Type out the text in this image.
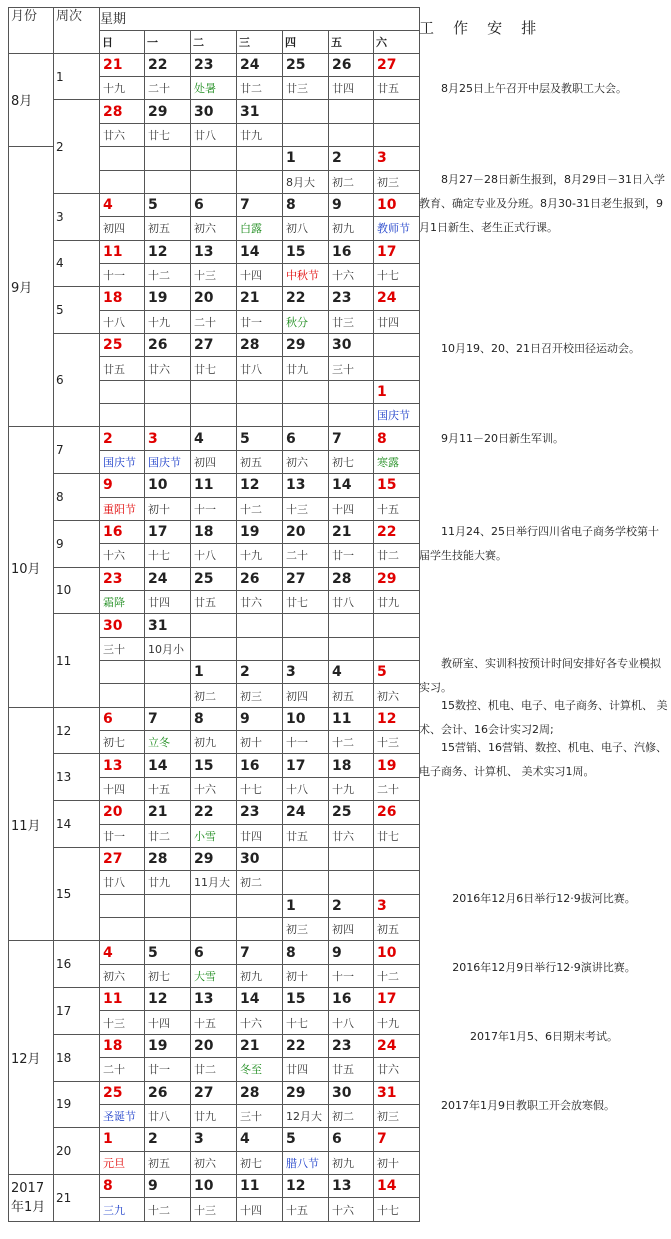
月份	周次	星期						
		日	一	二	三	四	五	六
8月	1	21	22	23	24	25	26	27
		十九	二十	处暑	廿二	廿三	廿四	廿五
	2	28	29	30	31			
		廿六	廿七	廿八	廿九			
9月						1	2	3
						8月大	初二	初三
	3	4	5	6	7	8	9	10
		初四	初五	初六	白露	初八	初九	教师节
	4	11	12	13	14	15	16	17
		十一	十二	十三	十四	中秋节	十六	十七
	5	18	19	20	21	22	23	24
		十八	十九	二十	廿一	秋分	廿三	廿四
	6	25	26	27	28	29	30	
		廿五	廿六	廿七	廿八	廿九	三十	
								1
								国庆节
10月	7	2	3	4	5	6	7	8
		国庆节	国庆节	初四	初五	初六	初七	寒露
	8	9	10	11	12	13	14	15
		重阳节	初十	十一	十二	十三	十四	十五
	9	16	17	18	19	20	21	22
		十六	十七	十八	十九	二十	廿一	廿二
	10	23	24	25	26	27	28	29
		霜降	廿四	廿五	廿六	廿七	廿八	廿九
	11	30	31					
		三十	10月小					
				1	2	3	4	5
				初二	初三	初四	初五	初六
11月	12	6	7	8	9	10	11	12
		初七	立冬	初九	初十	十一	十二	十三
	13	13	14	15	16	17	18	19
		十四	十五	十六	十七	十八	十九	二十
	14	20	21	22	23	24	25	26
		廿一	廿二	小雪	廿四	廿五	廿六	廿七
	15	27	28	29	30			
		廿八	廿九	11月大	初二			
						1	2	3
						初三	初四	初五
12月	16	4	5	6	7	8	9	10
		初六	初七	大雪	初九	初十	十一	十二
	17	11	12	13	14	15	16	17
		十三	十四	十五	十六	十七	十八	十九
	18	18	19	20	21	22	23	24
		二十	廿一	廿二	冬至	廿四	廿五	廿六
	19	25	26	27	28	29	30	31
		圣诞节	廿八	廿九	三十	12月大	初二	初三
	20	1	2	3	4	5	6	7
		元旦	初五	初六	初七	腊八节	初九	初十
2017年1月	21	8	9	10	11	12	13	14
		三九	十二	十三	十四	十五	十六	十七
工    作    安    排
8月25日上午召开中层及教职工大会。
8月27－28日新生报到，8月29日－31日入学教育、确定专业及分班。8月30-31日老生报到，9月1日新生、老生正式行课。
10月19、20、21日召开校田径运动会。
9月11－20日新生军训。
11月24、25日举行四川省电子商务学校第十届学生技能大赛。
教研室、实训科按预计时间安排好各专业模拟实习。
15数控、机电、电子、电子商务、计算机、 美术、会计、16会计实习2周;
15营销、16营销、数控、机电、电子、汽修、电子商务、计算机、 美术实习1周。
2016年12月6日举行12·9拔河比赛。
2016年12月9日举行12·9演讲比赛。
2017年1月5、6日期末考试。
2017年1月9日教职工开会放寒假。
